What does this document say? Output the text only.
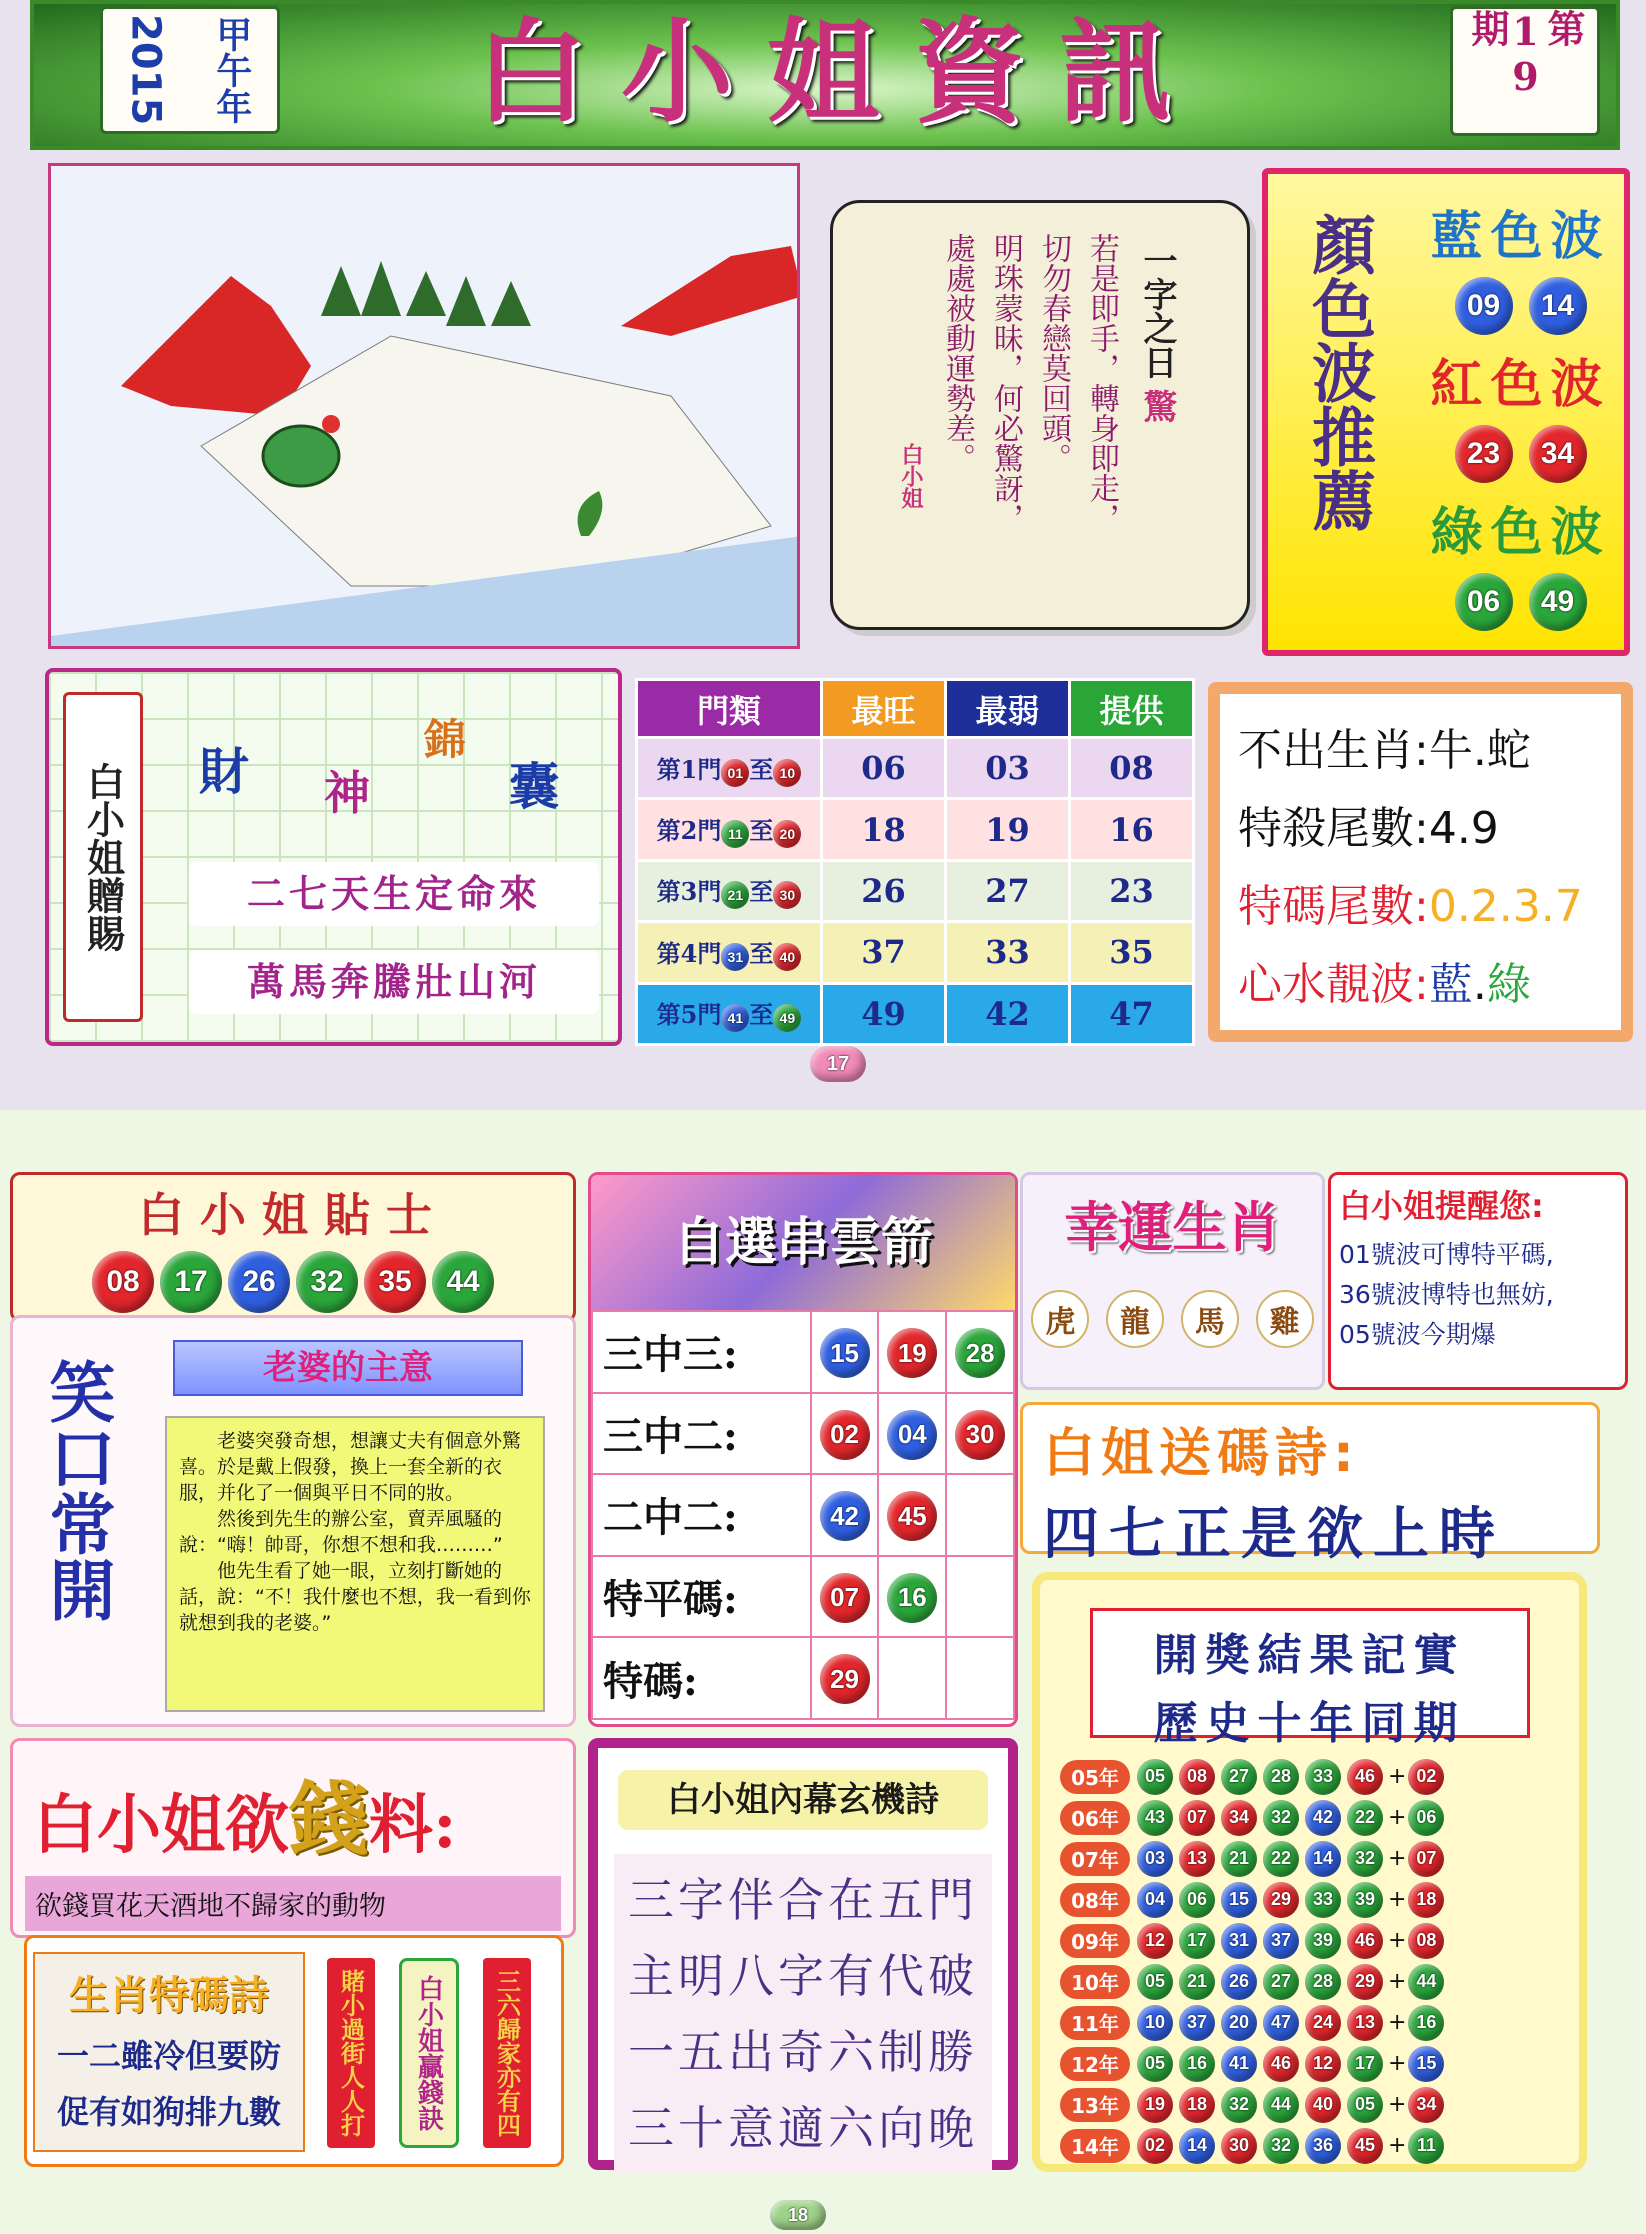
2015 甲午年	白小姐資訊	第19期
一字之日
驚
若是即手，轉身即走，
切勿春戀莫回頭。
明珠蒙昧，何必驚訝，
處處被動運勢差。
白小姐	顏色波推薦 藍色波
09 14
紅色波
23 34
綠色波
06 49
白小姐贈賜	財 神
錦
囊
二七天生定命來
萬馬奔騰壯山河
門類	最旺	最弱	提供
第1門 01 至 10	06	03	08
第2門 11 至 20	18	19	16
第3門 21 至 30	26	27	23
第4門 31 至 40	37	33	35
第5門 41 至 49	49	42	47
不出生肖:牛.蛇
特殺尾數:4.9
特碼尾數:0.2.3.7
心水靚波:藍.綠
17
白小姐貼士
08 17 26 32 35 44
笑口常開	老婆的主意

老婆突發奇想，想讓丈夫有個意外驚喜。於是戴上假發，換上一套全新的衣服，并化了一個與平日不同的妝。

然後到先生的辦公室，賣弄風騷的說：“嗨！帥哥，你想不想和我………”

他先生看了她一眼，立刻打斷她的話，說：“不！我什麼也不想，我一看到你就想到我的老婆。”

自選串雲箭
三中三:	15	19	28
三中二:	02	04	30
二中二:	42	45	
特平碼:	07	16	
特碼:	29		
幸運生肖
虎	龍	馬	雞
白小姐提醒您:
01號波可博特平碼,
36號波博特也無妨,
05號波今期爆
白姐送碼詩:
四七正是欲上時
白小姐欲錢料:
欲錢買花天酒地不歸家的動物
生肖特碼詩
一二雖冷但要防
促有如狗排九數	賭小過街人人打	白小姐贏錢訣	三六歸家亦有四
白小姐內幕玄機詩
三字伴合在五門
主明八字有代破
一五出奇六制勝
三十意適六向晚
開獎結果記實
歷史十年同期
05年	05	08	27	28	33	46 + 02
06年	43	07	34	32	42	22 + 06
07年	03	13	21	22	14	32 + 07
08年	04	06	15	29	33	39 + 18
09年	12	17	31	37	39	46 + 08
10年	05	21	26	27	28	29 + 44
11年	10	37	20	47	24	13 + 16
12年	05	16	41	46	12	17 + 15
13年	19	18	32	44	40	05 + 34
14年	02	14	30	32	36	45 + 11
18
